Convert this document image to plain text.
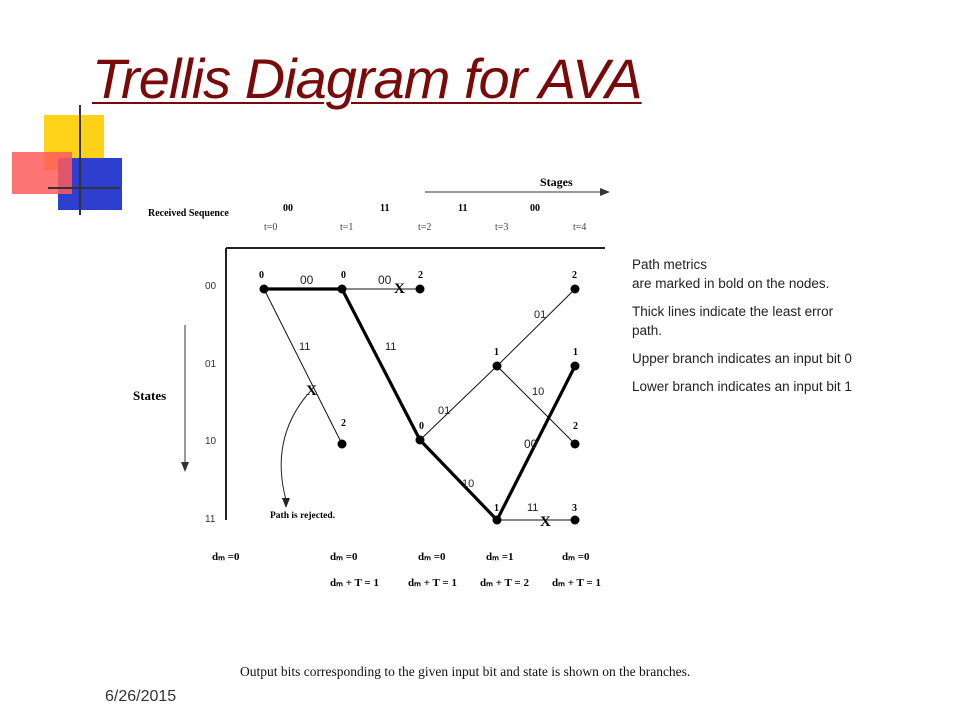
Trellis Diagram for AVA
Stages
Received Sequence	00	11	11	00
t=0	t=1	t=2	t=3	t=4
States
00
01
10
11	Path is rejected.
0	0
2
2
0
1
1
2
1
2
3
00	00
11	11
01
01
10
10
00
11
X
X
X
dₘ =0	dₘ =0	dₘ =0	dₘ =1	dₘ =0
dₘ + T = 1	dₘ + T = 1 dₘ + T = 2 dₘ + T = 1

Path metrics
are marked in bold on the nodes.

Thick lines indicate the least error
path.

Upper branch indicates an input bit 0

Lower branch indicates an input bit 1

Output bits corresponding to the given input bit and state is shown on the branches.
6/26/2015
